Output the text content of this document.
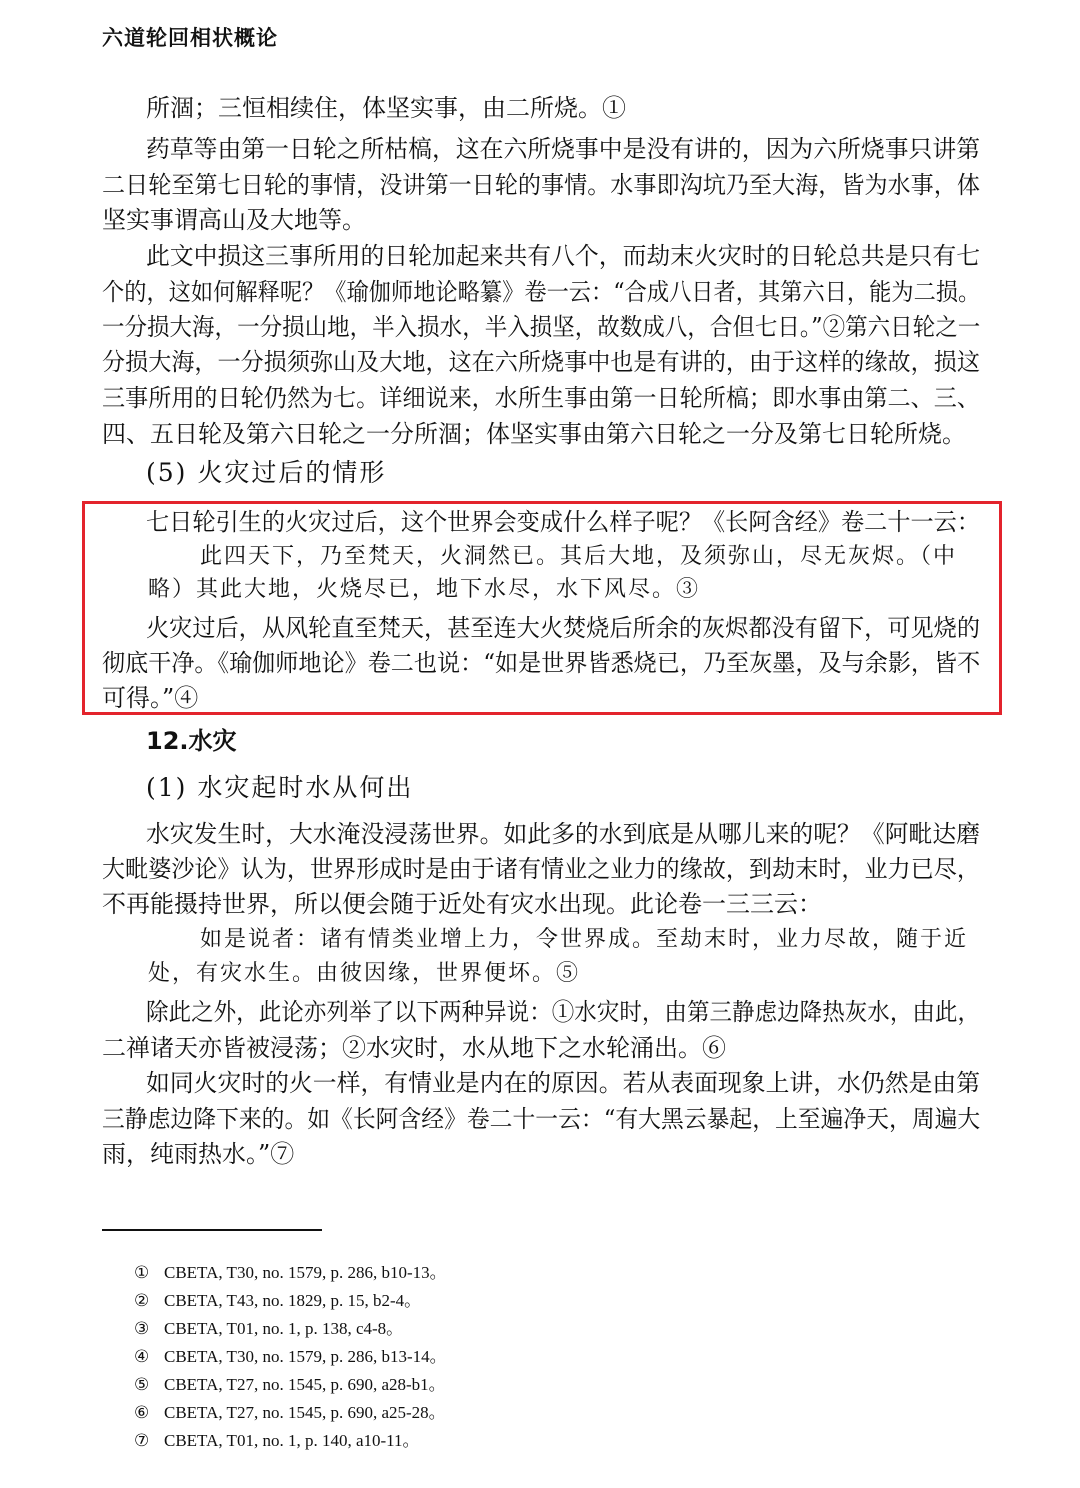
六道轮回相状概论
所涸；三恒相续住，体坚实事，由二所烧。①
药草等由第一日轮之所枯槁，这在六所烧事中是没有讲的，因为六所烧事只讲第
二日轮至第七日轮的事情，没讲第一日轮的事情。水事即沟坑乃至大海，皆为水事，体
坚实事谓高山及大地等。
此文中损这三事所用的日轮加起来共有八个，而劫末火灾时的日轮总共是只有七
个的，这如何解释呢？《瑜伽师地论略纂》卷一云：“合成八日者，其第六日，能为二损。
一分损大海，一分损山地，半入损水，半入损坚，故数成八，合但七日。”②第六日轮之一
分损大海，一分损须弥山及大地，这在六所烧事中也是有讲的，由于这样的缘故，损这
三事所用的日轮仍然为七。详细说来，水所生事由第一日轮所槁；即水事由第二、三、
四、五日轮及第六日轮之一分所涸；体坚实事由第六日轮之一分及第七日轮所烧。
(5) 火灾过后的情形
七日轮引生的火灾过后，这个世界会变成什么样子呢？《长阿含经》卷二十一云：
此四天下，乃至梵天，火洞然已。其后大地，及须弥山，尽无灰烬。（中
略）其此大地，火烧尽已，地下水尽，水下风尽。③
火灾过后，从风轮直至梵天，甚至连大火焚烧后所余的灰烬都没有留下，可见烧的
彻底干净。《瑜伽师地论》卷二也说：“如是世界皆悉烧已，乃至灰墨，及与余影，皆不
可得。”④
12.水灾
(1) 水灾起时水从何出
水灾发生时，大水淹没浸荡世界。如此多的水到底是从哪儿来的呢？《阿毗达磨
大毗婆沙论》认为，世界形成时是由于诸有情业之业力的缘故，到劫末时，业力已尽，
不再能摄持世界，所以便会随于近处有灾水出现。此论卷一三三云：
如是说者：诸有情类业增上力，令世界成。至劫末时，业力尽故，随于近
处，有灾水生。由彼因缘，世界便坏。⑤
除此之外，此论亦列举了以下两种异说：①水灾时，由第三静虑边降热灰水，由此，
二禅诸天亦皆被浸荡；②水灾时，水从地下之水轮涌出。⑥
如同火灾时的火一样，有情业是内在的原因。若从表面现象上讲，水仍然是由第
三静虑边降下来的。如《长阿含经》卷二十一云：“有大黑云暴起，上至遍净天，周遍大
雨，纯雨热水。”⑦
① CBETA, T30, no. 1579, p. 286, b10-13。
② CBETA, T43, no. 1829, p. 15, b2-4。
③ CBETA, T01, no. 1, p. 138, c4-8。
④ CBETA, T30, no. 1579, p. 286, b13-14。
⑤ CBETA, T27, no. 1545, p. 690, a28-b1。
⑥ CBETA, T27, no. 1545, p. 690, a25-28。
⑦ CBETA, T01, no. 1, p. 140, a10-11。
